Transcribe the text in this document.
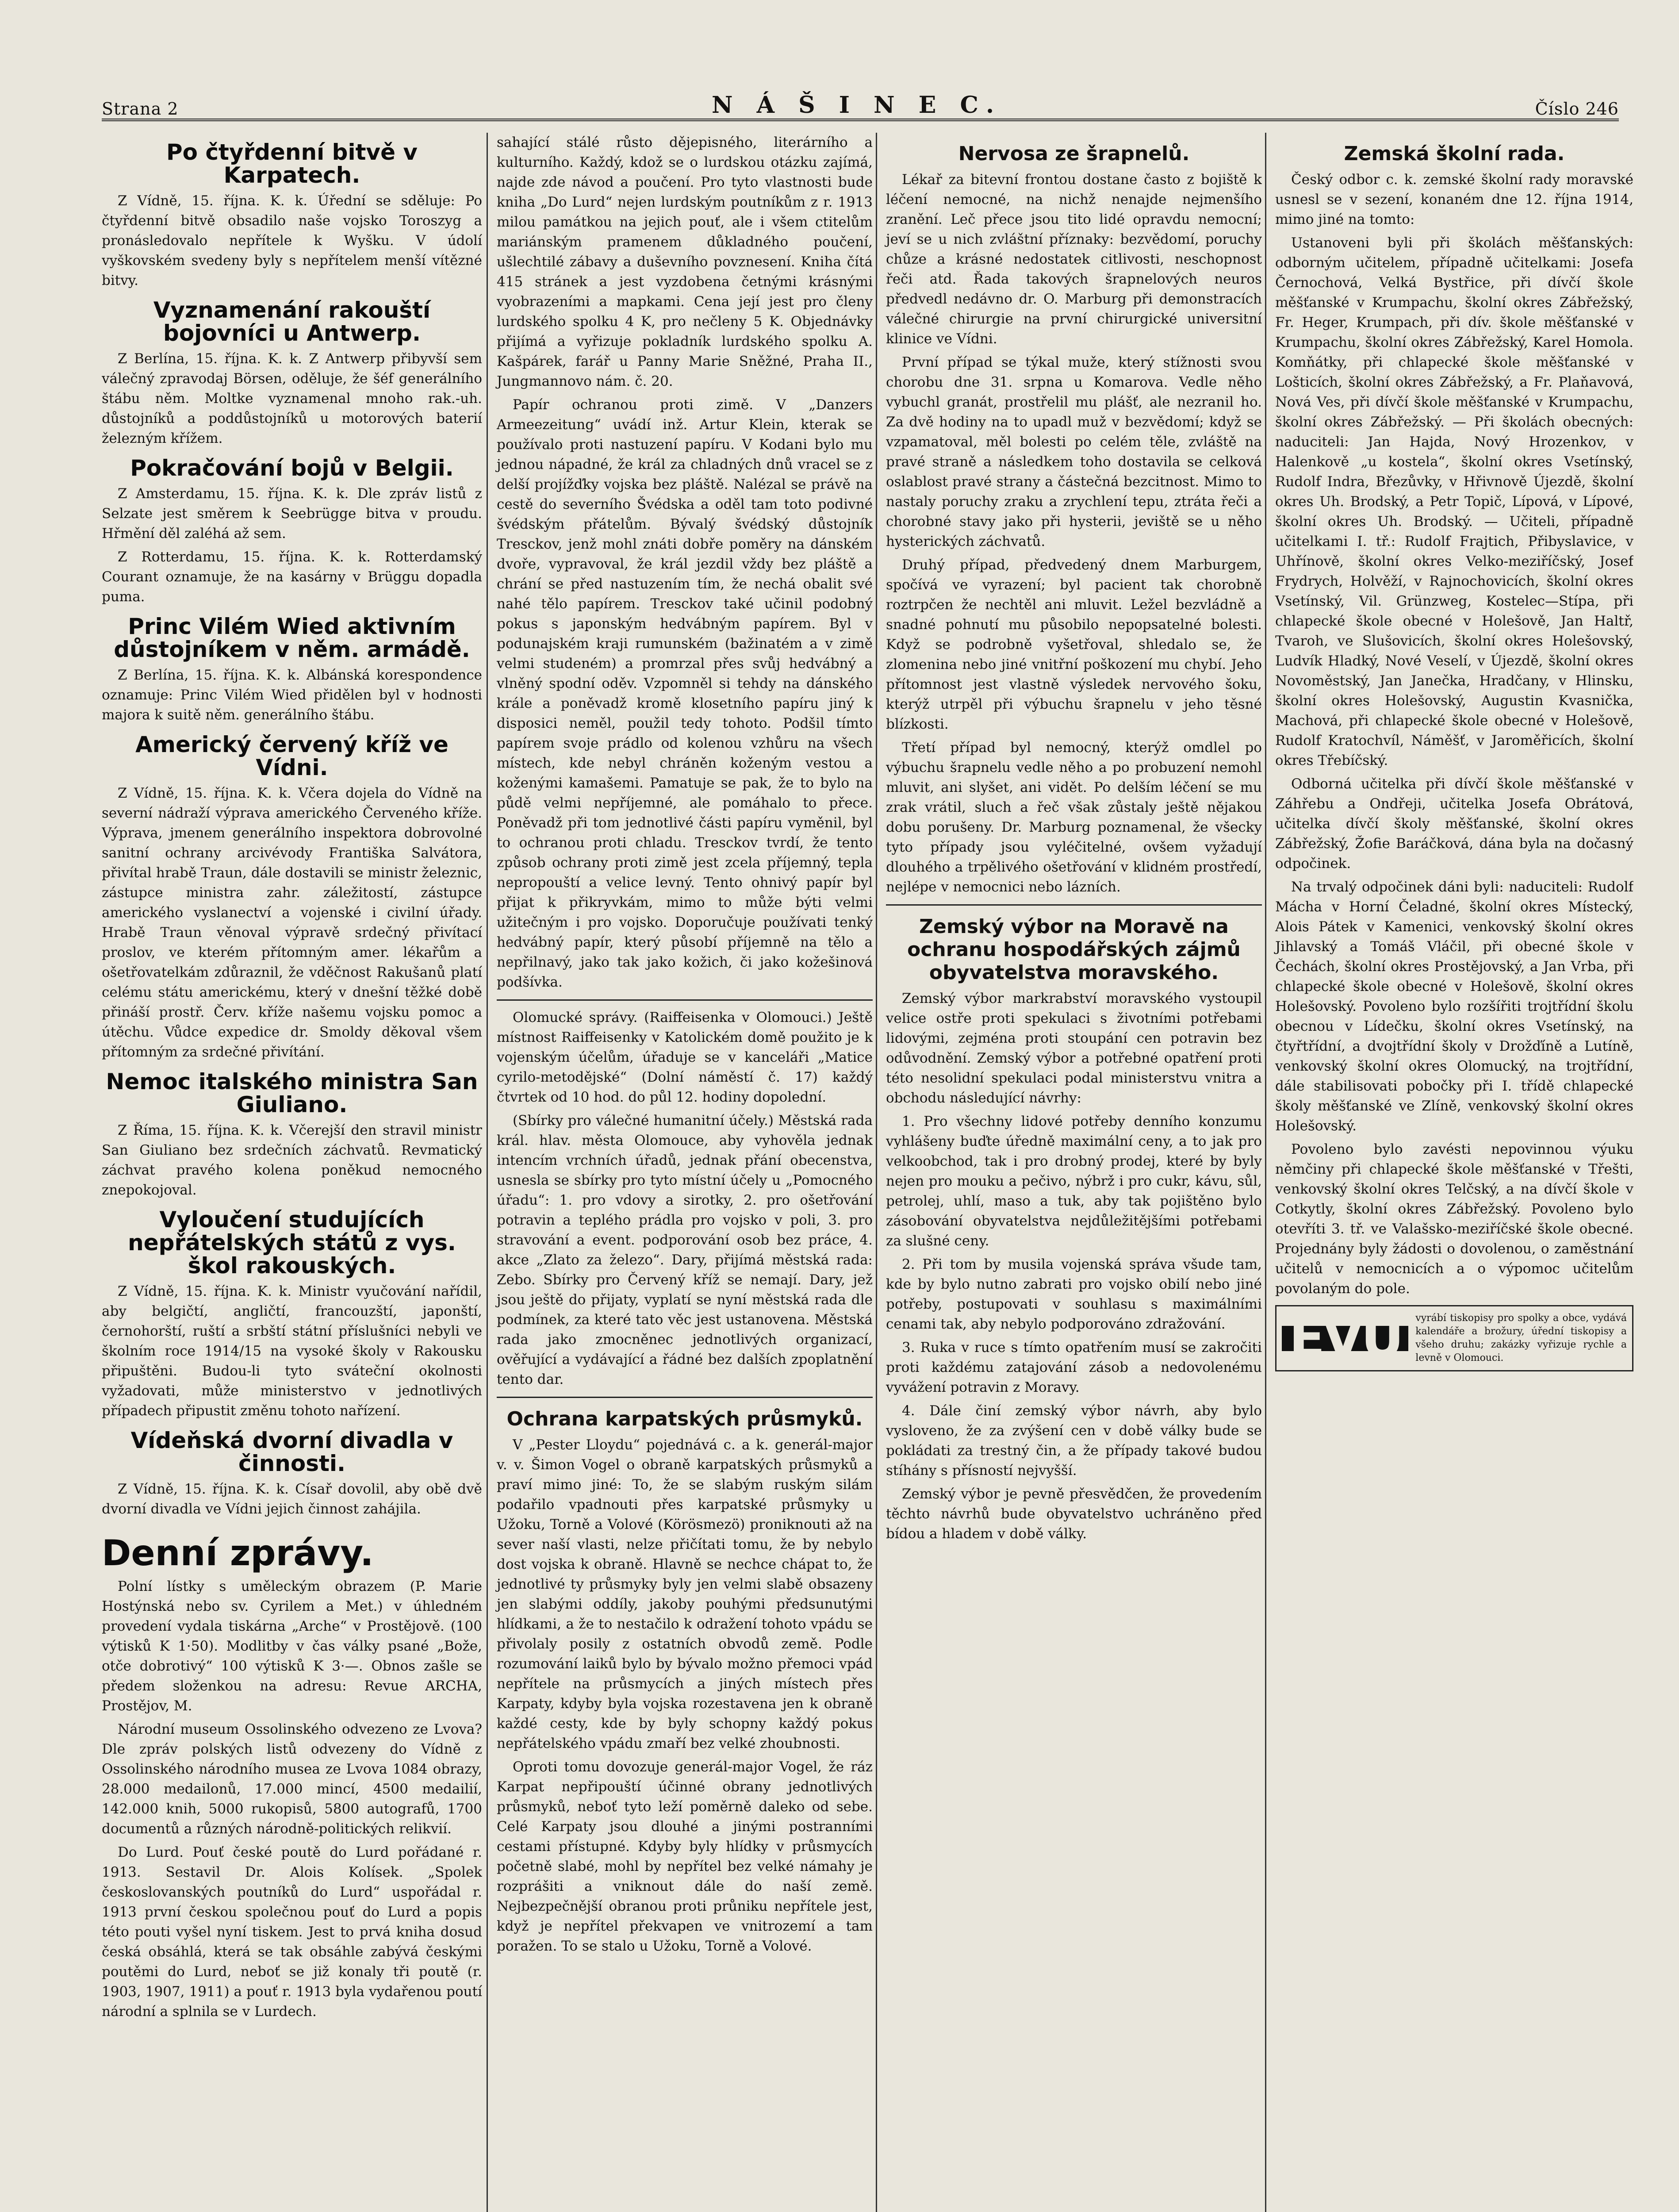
Strana 2	N Á Š I N E C.	Číslo 246
Po čtyřdenní bitvě v Karpatech.

Z Vídně, 15. října. K. k. Úřední se sděluje: Po čtyřdenní bitvě obsadilo naše vojsko Toroszyg a pronásledovalo nepřítele k Wyšku. V údolí vyškovském svedeny byly s nepřítelem menší vítězné bitvy.

Vyznamenání rakouští bojovníci u Antwerp.

Z Berlína, 15. října. K. k. Z Antwerp přibyvší sem válečný zpravodaj Börsen, oděluje, že šéf generálního štábu něm. Moltke vyznamenal mnoho rak.-uh. důstojníků a poddůstojníků u motorových baterií železným křížem.

Pokračování bojů v Belgii.

Z Amsterdamu, 15. října. K. k. Dle zpráv listů z Selzate jest směrem k Seebrügge bitva v proudu. Hřmění děl zaléhá až sem.

Z Rotterdamu, 15. října. K. k. Rotterdamský Courant oznamuje, že na kasárny v Brüggu dopadla puma.

Princ Vilém Wied aktivním důstojníkem v něm. armádě.

Z Berlína, 15. října. K. k. Albánská korespondence oznamuje: Princ Vilém Wied přidělen byl v hodnosti majora k suitě něm. generálního štábu.

Americký červený kříž ve Vídni.

Z Vídně, 15. října. K. k. Včera dojela do Vídně na severní nádraží výprava amerického Červeného kříže. Výprava, jmenem generálního inspektora dobrovolné sanitní ochrany arcivévody Františka Salvátora, přivítal hrabě Traun, dále dostavili se ministr železnic, zástupce ministra zahr. záležitostí, zástupce amerického vyslanectví a vojenské i civilní úřady. Hrabě Traun věnoval výpravě srdečný přivítací proslov, ve kterém přítomným amer. lékařům a ošetřovatelkám zdůraznil, že vděčnost Rakušanů platí celému státu americkému, který v dnešní těžké době přináší prostř. Červ. kříže našemu vojsku pomoc a útěchu. Vůdce expedice dr. Smoldy děkoval všem přítomným za srdečné přivítání.

Nemoc italského ministra San Giuliano.

Z Říma, 15. října. K. k. Včerejší den stravil ministr San Giuliano bez srdečních záchvatů. Revmatický záchvat pravého kolena poněkud nemocného znepokojoval.

Vyloučení studujících nepřátelských států z vys. škol rakouských.

Z Vídně, 15. října. K. k. Ministr vyučování nařídil, aby belgičtí, angličtí, francouzští, japonští, černohorští, ruští a srbští státní příslušníci nebyli ve školním roce 1914/15 na vysoké školy v Rakousku připuštěni. Budou-li tyto sváteční okolnosti vyžadovati, může ministerstvo v jednotlivých případech připustit změnu tohoto nařízení.

Vídeňská dvorní divadla v činnosti.

Z Vídně, 15. října. K. k. Císař dovolil, aby obě dvě dvorní divadla ve Vídni jejich činnost zahájila.

Denní zprávy.

Polní lístky s uměleckým obrazem (P. Marie Hostýnská nebo sv. Cyrilem a Met.) v úhledném provedení vydala tiskárna „Arche“ v Prostějově. (100 výtisků K 1·50). Modlitby v čas války psané „Bože, otče dobrotivý“ 100 výtisků K 3·—. Obnos zašle se předem složenkou na adresu: Revue ARCHA, Prostějov, M.

Národní museum Ossolinského odvezeno ze Lvova? Dle zpráv polských listů odvezeny do Vídně z Ossolinského národního musea ze Lvova 1084 obrazy, 28.000 medailonů, 17.000 mincí, 4500 medailií, 142.000 knih, 5000 rukopisů, 5800 autografů, 1700 documentů a různých národně-politických relikvií.

Do Lurd. Pouť české poutě do Lurd pořádané r. 1913. Sestavil Dr. Alois Kolísek. „Spolek českoslovanských poutníků do Lurd“ uspořádal r. 1913 první českou společnou pouť do Lurd a popis této pouti vyšel nyní tiskem. Jest to prvá kniha dosud česká obsáhlá, která se tak obsáhle zabývá českými poutěmi do Lurd, neboť se již konaly tři poutě (r. 1903, 1907, 1911) a pouť r. 1913 byla vydařenou poutí národní a splnila se v Lurdech.

sahající stálé růsto dějepisného, literárního a kulturního. Každý, kdož se o lurdskou otázku zajímá, najde zde návod a poučení. Pro tyto vlastnosti bude kniha „Do Lurd“ nejen lurdským poutníkům z r. 1913 milou památkou na jejich pouť, ale i všem ctitelům mariánským pramenem důkladného poučení, ušlechtilé zábavy a duševního povznesení. Kniha čítá 415 stránek a jest vyzdobena četnými krásnými vyobrazeními a mapkami. Cena její jest pro členy lurdského spolku 4 K, pro nečleny 5 K. Objednávky přijímá a vyřizuje pokladník lurdského spolku A. Kašpárek, farář u Panny Marie Sněžné, Praha II., Jungmannovo nám. č. 20.

Papír ochranou proti zimě. V „Danzers Armeezeitung“ uvádí inž. Artur Klein, kterak se používalo proti nastuzení papíru. V Kodani bylo mu jednou nápadné, že král za chladných dnů vracel se z delší projížďky vojska bez pláště. Nalézal se právě na cestě do severního Švédska a oděl tam toto podivné švédským přátelům. Bývalý švédský důstojník Tresckov, jenž mohl znáti dobře poměry na dánském dvoře, vypravoval, že král jezdil vždy bez pláště a chrání se před nastuzením tím, že nechá obalit své nahé tělo papírem. Tresckov také učinil podobný pokus s japonským hedvábným papírem. Byl v podunajském kraji rumunském (bažinatém a v zimě velmi studeném) a promrzal přes svůj hedvábný a vlněný spodní oděv. Vzpomněl si tehdy na dánského krále a poněvadž kromě klosetního papíru jiný k disposici neměl, použil tedy tohoto. Podšil tímto papírem svoje prádlo od kolenou vzhůru na všech místech, kde nebyl chráněn koženým vestou a koženými kamašemi. Pamatuje se pak, že to bylo na půdě velmi nepříjemné, ale pomáhalo to přece. Poněvadž při tom jednotlivé části papíru vyměnil, byl to ochranou proti chladu. Tresckov tvrdí, že tento způsob ochrany proti zimě jest zcela příjemný, tepla nepropouští a velice levný. Tento ohnivý papír byl přijat k přikryvkám, mimo to může býti velmi užitečným i pro vojsko. Doporučuje používati tenký hedvábný papír, který působí příjemně na tělo a nepřilnavý, jako tak jako kožich, či jako kožešinová podšívka.

Olomucké správy. (Raiffeisenka v Olomouci.) Ještě místnost Raiffeisenky v Katolickém domě použito je k vojenským účelům, úřaduje se v kanceláři „Matice cyrilo-metodějské“ (Dolní náměstí č. 17) každý čtvrtek od 10 hod. do půl 12. hodiny dopolední.

(Sbírky pro válečné humanitní účely.) Městská rada král. hlav. města Olomouce, aby vyhověla jednak intencím vrchních úřadů, jednak přání obecenstva, usnesla se sbírky pro tyto místní účely u „Pomocného úřadu“: 1. pro vdovy a sirotky, 2. pro ošetřování potravin a teplého prádla pro vojsko v poli, 3. pro stravování a event. podporování osob bez práce, 4. akce „Zlato za železo“. Dary, přijímá městská rada: Zebo. Sbírky pro Červený kříž se nemají. Dary, jež jsou ještě do přijaty, vyplatí se nyní městská rada dle podmínek, za které tato věc jest ustanovena. Městská rada jako zmocněnec jednotlivých organizací, ověřující a vydávající a řádné bez dalších zpoplatnění tento dar.

Ochrana karpatských průsmyků.

V „Pester Lloydu“ pojednává c. a k. generál-major v. v. Šimon Vogel o obraně karpatských průsmyků a praví mimo jiné: To, že se slabým ruským silám podařilo vpadnouti přes karpatské průsmyky u Užoku, Torně a Volové (Körösmezö) proniknouti až na sever naší vlasti, nelze přičítati tomu, že by nebylo dost vojska k obraně. Hlavně se nechce chápat to, že jednotlivé ty průsmyky byly jen velmi slabě obsazeny jen slabými oddíly, jakoby pouhými předsunutými hlídkami, a že to nestačilo k odražení tohoto vpádu se přivolaly posily z ostatních obvodů země. Podle rozumování laiků bylo by bývalo možno přemoci vpád nepřítele na průsmycích a jiných místech přes Karpaty, kdyby byla vojska rozestavena jen k obraně každé cesty, kde by byly schopny každý pokus nepřátelského vpádu zmaří bez velké zhoubnosti.

Oproti tomu dovozuje generál-major Vogel, že ráz Karpat nepřipouští účinné obrany jednotlivých průsmyků, neboť tyto leží poměrně daleko od sebe. Celé Karpaty jsou dlouhé a jinými postranními cestami přístupné. Kdyby byly hlídky v průsmycích početně slabé, mohl by nepřítel bez velké námahy je rozprášiti a vniknout dále do naší země. Nejbezpečnější obranou proti průniku nepřítele jest, když je nepřítel překvapen ve vnitrozemí a tam poražen. To se stalo u Užoku, Torně a Volové.

Nervosa ze šrapnelů.

Lékař za bitevní frontou dostane často z bojiště k léčení nemocné, na nichž nenajde nejmenšího zranění. Leč přece jsou tito lidé opravdu nemocní; jeví se u nich zvláštní příznaky: bezvědomí, poruchy chůze a krásné nedostatek citlivosti, neschopnost řeči atd. Řada takových šrapnelových neuros předvedl nedávno dr. O. Marburg při demonstracích válečné chirurgie na první chirurgické universitní klinice ve Vídni.

První případ se týkal muže, který stížnosti svou chorobu dne 31. srpna u Komarova. Vedle něho vybuchl granát, prostřelil mu plášť, ale nezranil ho. Za dvě hodiny na to upadl muž v bezvědomí; když se vzpamatoval, měl bolesti po celém těle, zvláště na pravé straně a následkem toho dostavila se celková oslablost pravé strany a částečná bezcitnost. Mimo to nastaly poruchy zraku a zrychlení tepu, ztráta řeči a chorobné stavy jako při hysterii, jeviště se u něho hysterických záchvatů.

Druhý případ, předvedený dnem Marburgem, spočívá ve vyrazení; byl pacient tak chorobně roztrpčen že nechtěl ani mluvit. Ležel bezvládně a snadné pohnutí mu působilo nepopsatelné bolesti. Když se podrobně vyšetřoval, shledalo se, že zlomenina nebo jiné vnitřní poškození mu chybí. Jeho přítomnost jest vlastně výsledek nervového šoku, kterýž utrpěl při výbuchu šrapnelu v jeho těsné blízkosti.

Třetí případ byl nemocný, kterýž omdlel po výbuchu šrapnelu vedle něho a po probuzení nemohl mluvit, ani slyšet, ani vidět. Po delším léčení se mu zrak vrátil, sluch a řeč však zůstaly ještě nějakou dobu porušeny. Dr. Marburg poznamenal, že všecky tyto případy jsou vyléčitelné, ovšem vyžadují dlouhého a trpělivého ošetřování v klidném prostředí, nejlépe v nemocnici nebo lázních.

Zemský výbor na Moravě na ochranu hospodářských zájmů obyvatelstva moravského.

Zemský výbor markrabství moravského vystoupil velice ostře proti spekulaci s životními potřebami lidovými, zejména proti stoupání cen potravin bez odůvodnění. Zemský výbor a potřebné opatření proti této nesolidní spekulaci podal ministerstvu vnitra a obchodu následující návrhy:

1. Pro všechny lidové potřeby denního konzumu vyhlášeny buďte úředně maximální ceny, a to jak pro velkoobchod, tak i pro drobný prodej, které by byly nejen pro mouku a pečivo, nýbrž i pro cukr, kávu, sůl, petrolej, uhlí, maso a tuk, aby tak pojištěno bylo zásobování obyvatelstva nejdůležitějšími potřebami za slušné ceny.

2. Při tom by musila vojenská správa všude tam, kde by bylo nutno zabrati pro vojsko obilí nebo jiné potřeby, postupovati v souhlasu s maximálními cenami tak, aby nebylo podporováno zdražování.

3. Ruka v ruce s tímto opatřením musí se zakročiti proti každému zatajování zásob a nedovolenému vyvážení potravin z Moravy.

4. Dále činí zemský výbor návrh, aby bylo vysloveno, že za zvýšení cen v době války bude se pokládati za trestný čin, a že případy takové budou stíhány s přísností nejvyšší.

Zemský výbor je pevně přesvědčen, že provedením těchto návrhů bude obyvatelstvo uchráněno před bídou a hladem v době války.

Zemská školní rada.

Český odbor c. k. zemské školní rady moravské usnesl se v sezení, konaném dne 12. října 1914, mimo jiné na tomto:

Ustanoveni byli při školách měšťanských: odborným učitelem, případně učitelkami: Josefa Černochová, Velká Bystřice, při dívčí škole měšťanské v Krumpachu, školní okres Zábřežský, Fr. Heger, Krumpach, při dív. škole měšťanské v Krumpachu, školní okres Zábřežský, Karel Homola. Komňátky, při chlapecké škole měšťanské v Lošticích, školní okres Zábřežský, a Fr. Plaňavová, Nová Ves, při dívčí škole měšťanské v Krumpachu, školní okres Zábřežský. — Při školách obecných: naduciteli: Jan Hajda, Nový Hrozenkov, v Halenkově „u kostela“, školní okres Vsetínský, Rudolf Indra, Březůvky, v Hřivnově Újezdě, školní okres Uh. Brodský, a Petr Topič, Lípová, v Lípové, školní okres Uh. Brodský. — Učiteli, případně učitelkami I. tř.: Rudolf Frajtich, Přibyslavice, v Uhřínově, školní okres Velko-meziříčský, Josef Frydrych, Holvěží, v Rajnochovicích, školní okres Vsetínský, Vil. Grünzweg, Kostelec—Stípa, při chlapecké škole obecné v Holešově, Jan Haltř, Tvaroh, ve Slušovicích, školní okres Holešovský, Ludvík Hladký, Nové Veselí, v Újezdě, školní okres Novoměstský, Jan Janečka, Hradčany, v Hlinsku, školní okres Holešovský, Augustin Kvasnička, Machová, při chlapecké škole obecné v Holešově, Rudolf Kratochvíl, Náměšť, v Jaroměřicích, školní okres Třebíčský.

Odborná učitelka při dívčí škole měšťanské v Záhřebu a Ondřeji, učitelka Josefa Obrátová, učitelka dívčí školy měšťanské, školní okres Zábřežský, Žofie Baráčková, dána byla na dočasný odpočinek.

Na trvalý odpočinek dáni byli: naduciteli: Rudolf Mácha v Horní Čeladné, školní okres Místecký, Alois Pátek v Kamenici, venkovský školní okres Jihlavský a Tomáš Vláčil, při obecné škole v Čechách, školní okres Prostějovský, a Jan Vrba, při chlapecké škole obecné v Holešově, školní okres Holešovský. Povoleno bylo rozšířiti trojtřídní školu obecnou v Lídečku, školní okres Vsetínský, na čtyřtřídní, a dvojtřídní školy v Drožďíně a Lutíně, venkovský školní okres Olomucký, na trojtřídní, dále stabilisovati pobočky při I. třídě chlapecké školy měšťanské ve Zlíně, venkovský školní okres Holešovský.

Povoleno bylo zavésti nepovinnou výuku němčiny při chlapecké škole měšťanské v Třešti, venkovský školní okres Telčský, a na dívčí škole v Cotkytly, školní okres Zábřežský. Povoleno bylo otevříti 3. tř. ve Valašsko-meziříčské škole obecné. Projednány byly žádosti o dovolenou, o zaměstnání učitelů v nemocnicích a o výpomoc učitelům povolaným do pole.

EVU	vyrábí tiskopisy pro spolky a obce, vydává kalendáře a brožury, úřední tiskopisy a všeho druhu; zakázky vyřizuje rychle a levně v Olomouci.
